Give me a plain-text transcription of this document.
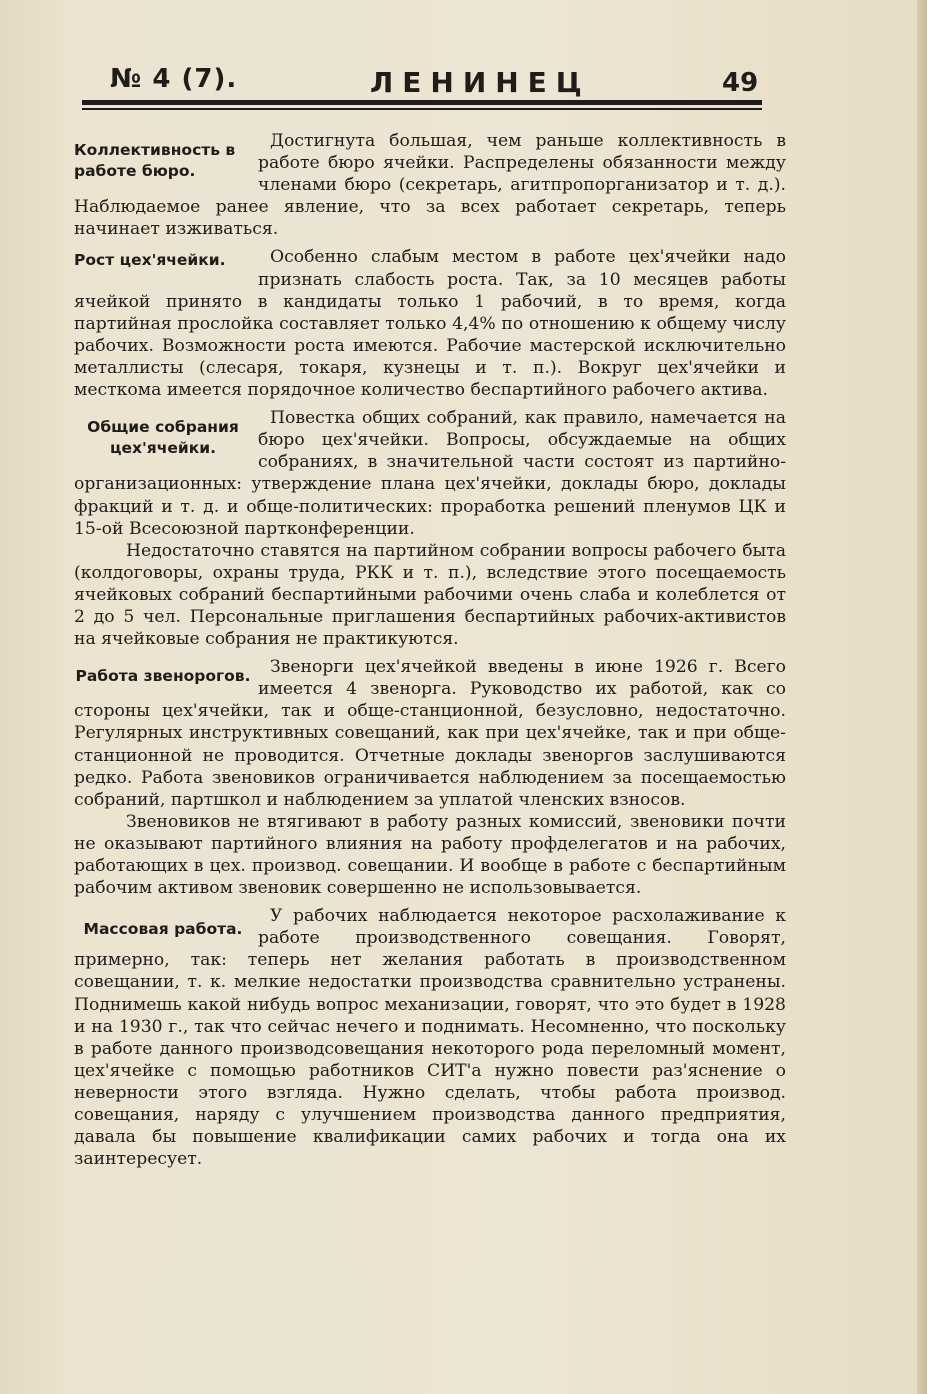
№ 4 (7).	ЛЕНИНЕЦ	49
Коллективность в работе бюро.

Достигнута большая, чем раньше коллективность в работе бюро ячейки. Распределены обязанности между членами бюро (секретарь, агитпропорганизатор и т. д.). Наблюдаемое ранее явление, что за всех работает секретарь, теперь начинает изживаться.

Рост цех'ячейки.	Особенно слабым местом в работе цех'ячейки надо признать слабость роста. Так, за 10 месяцев работы ячейкой принято в кандидаты только 1 рабочий, в то время, когда партийная прослойка составляет только 4,4% по отношению к общему числу рабочих. Возможности роста имеются. Рабочие мастерской исключительно металлисты (слесаря, токаря, кузнецы и т. п.). Вокруг цех'ячейки и месткома имеется порядочное количество беспартийного рабочего актива.

Общие собрания цех'ячейки.

Повестка общих собраний, как правило, намечается на бюро цех'ячейки. Вопросы, обсуждаемые на общих собраниях, в значительной части состоят из партийно-организационных: утверждение плана цех'ячейки, доклады бюро, доклады фракций и т. д. и обще-политических: проработка решений пленумов ЦК и 15-ой Всесоюзной партконференции.

Недостаточно ставятся на партийном собрании вопросы рабочего быта (колдоговоры, охраны труда, РКК и т. п.), вследствие этого посещаемость ячейковых собраний беспартийными рабочими очень слаба и колеблется от 2 до 5 чел. Персональные приглашения беспартийных рабочих-активистов на ячейковые собрания не практикуются.

Работа звенорогов.	Звенорги цех'ячейкой введены в июне 1926 г. Всего имеется 4 звенорга. Руководство их работой, как со стороны цех'ячейки, так и обще-станционной, безусловно, недостаточно. Регулярных инструктивных совещаний, как при цех'ячейке, так и при обще-станционной не проводится. Отчетные доклады звеноргов заслушиваются редко. Работа звеновиков ограничивается наблюдением за посещаемостью собраний, партшкол и наблюдением за уплатой членских взносов.

Звеновиков не втягивают в работу разных комиссий, звеновики почти не оказывают партийного влияния на работу профделегатов и на рабочих, работающих в цех. производ. совещании. И вообще в работе с беспартийным рабочим активом звеновик совершенно не использовывается.

Массовая работа.

У рабочих наблюдается некоторое расхолаживание к работе производственного совещания. Говорят, примерно, так: теперь нет желания работать в производственном совещании, т. к. мелкие недостатки производства сравнительно устранены. Поднимешь какой нибудь вопрос механизации, говорят, что это будет в 1928 и на 1930 г., так что сейчас нечего и поднимать. Несомненно, что поскольку в работе данного производсовещания некоторого рода переломный момент, цех'ячейке с помощью работников СИТ'а нужно повести раз'яснение о неверности этого взгляда. Нужно сделать, чтобы работа производ. совещания, наряду с улучшением производства данного предприятия, давала бы повышение квалификации самих рабочих и тогда она их заинтересует.
